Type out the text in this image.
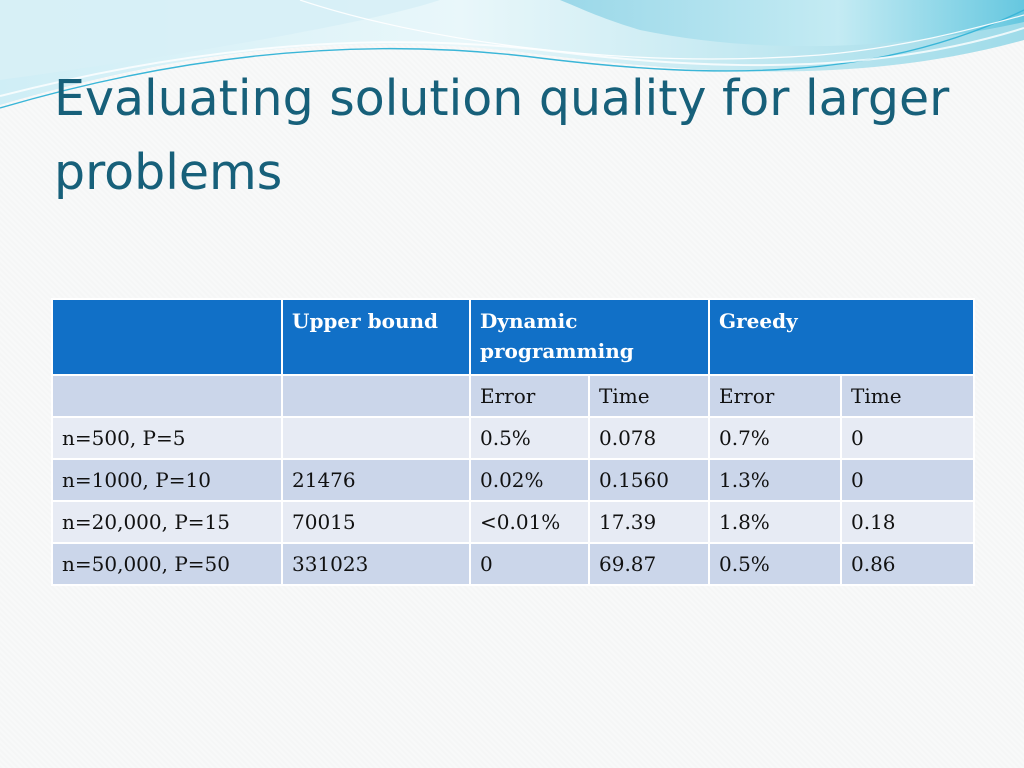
Evaluating solution quality for larger problems

	Upper bound	Dynamic programming		Greedy	

		Error	Time	Error	Time
n=500, P=5		0.5%	0.078	0.7%	0
n=1000, P=10	21476	0.02%	0.1560	1.3%	0
n=20,000, P=15	70015	<0.01%	17.39	1.8%	0.18
n=50,000, P=50	331023	0	69.87	0.5%	0.86
